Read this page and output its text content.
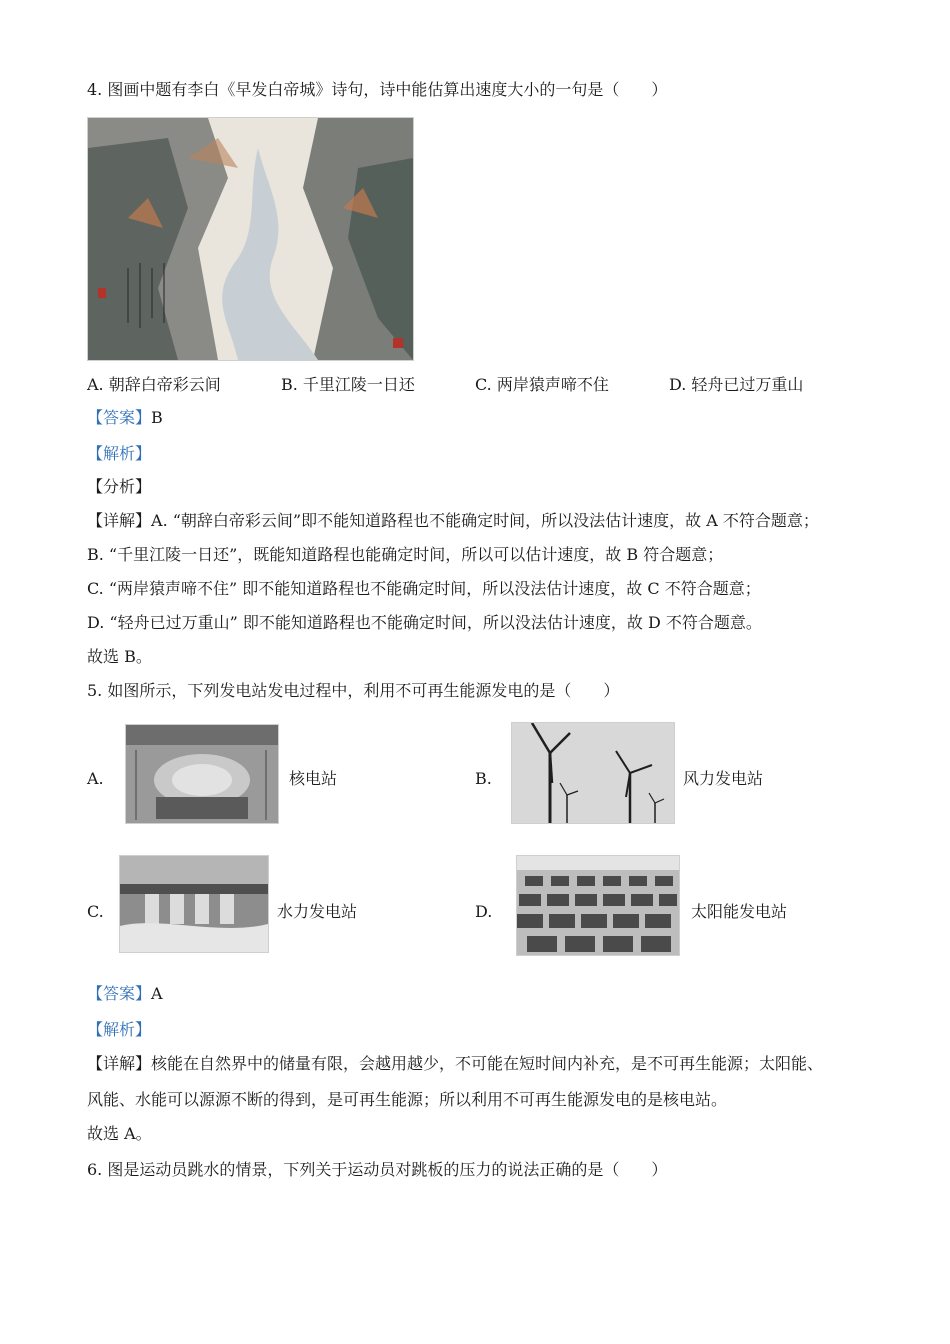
4. 图画中题有李白《早发白帝城》诗句，诗中能估算出速度大小的一句是（　　）
A. 朝辞白帝彩云间	B. 千里江陵一日还	C. 两岸猿声啼不住	D. 轻舟已过万重山
【答案】B
【解析】
【分析】
【详解】A. “朝辞白帝彩云间”即不能知道路程也不能确定时间，所以没法估计速度，故 A 不符合题意；
B. “千里江陵一日还”，既能知道路程也能确定时间，所以可以估计速度，故 B 符合题意；
C. “两岸猿声啼不住” 即不能知道路程也不能确定时间，所以没法估计速度，故 C 不符合题意；
D. “轻舟已过万重山” 即不能知道路程也不能确定时间，所以没法估计速度，故 D 不符合题意。
故选 B。
5. 如图所示，下列发电站发电过程中，利用不可再生能源发电的是（　　）
A.	核电站	B.	风力发电站
C.	水力发电站	D.	太阳能发电站
【答案】A
【解析】
【详解】核能在自然界中的储量有限，会越用越少，不可能在短时间内补充，是不可再生能源；太阳能、
风能、水能可以源源不断的得到，是可再生能源；所以利用不可再生能源发电的是核电站。
故选 A。
6. 图是运动员跳水的情景，下列关于运动员对跳板的压力的说法正确的是（　　）
